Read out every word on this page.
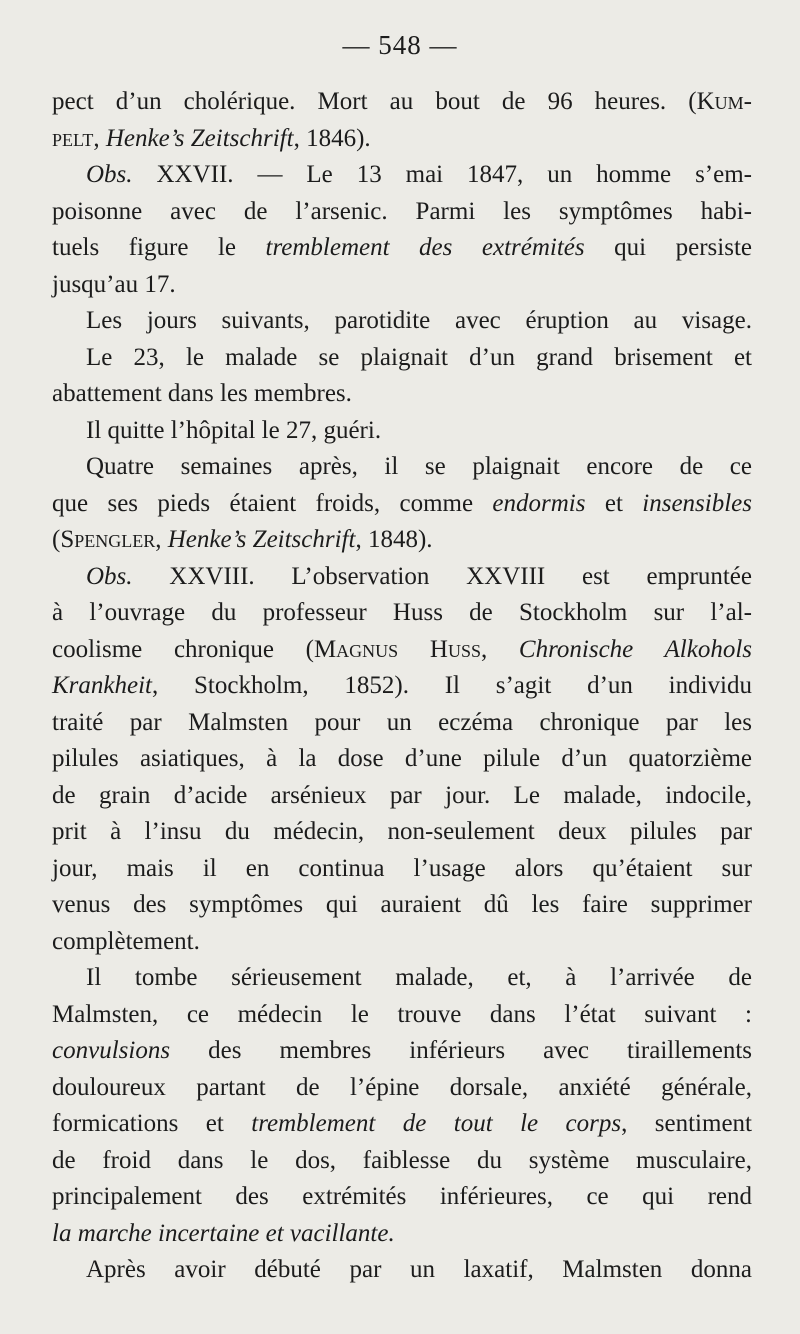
— 548 —
pect d’un cholérique. Mort au bout de 96 heures. (Kum-
pelt, Henke’s Zeitschrift, 1846).
Obs. XXVII. — Le 13 mai 1847, un homme s’em-
poisonne avec de l’arsenic. Parmi les symptômes habi-
tuels figure le tremblement des extrémités qui persiste
jusqu’au 17.
Les jours suivants, parotidite avec éruption au visage.
Le 23, le malade se plaignait d’un grand brisement et
abattement dans les membres.
Il quitte l’hôpital le 27, guéri.
Quatre semaines après, il se plaignait encore de ce
que ses pieds étaient froids, comme endormis et insensibles
(Spengler, Henke’s Zeitschrift, 1848).
Obs. XXVIII. L’observation XXVIII est empruntée
à l’ouvrage du professeur Huss de Stockholm sur l’al-
coolisme chronique (Magnus Huss, Chronische Alkohols
Krankheit, Stockholm, 1852). Il s’agit d’un individu
traité par Malmsten pour un eczéma chronique par les
pilules asiatiques, à la dose d’une pilule d’un quatorzième
de grain d’acide arsénieux par jour. Le malade, indocile,
prit à l’insu du médecin, non-seulement deux pilules par
jour, mais il en continua l’usage alors qu’étaient sur
venus des symptômes qui auraient dû les faire supprimer
complètement.
Il tombe sérieusement malade, et, à l’arrivée de
Malmsten, ce médecin le trouve dans l’état suivant :
convulsions des membres inférieurs avec tiraillements
douloureux partant de l’épine dorsale, anxiété générale,
formications et tremblement de tout le corps, sentiment
de froid dans le dos, faiblesse du système musculaire,
principalement des extrémités inférieures, ce qui rend
la marche incertaine et vacillante.
Après avoir débuté par un laxatif, Malmsten donna
